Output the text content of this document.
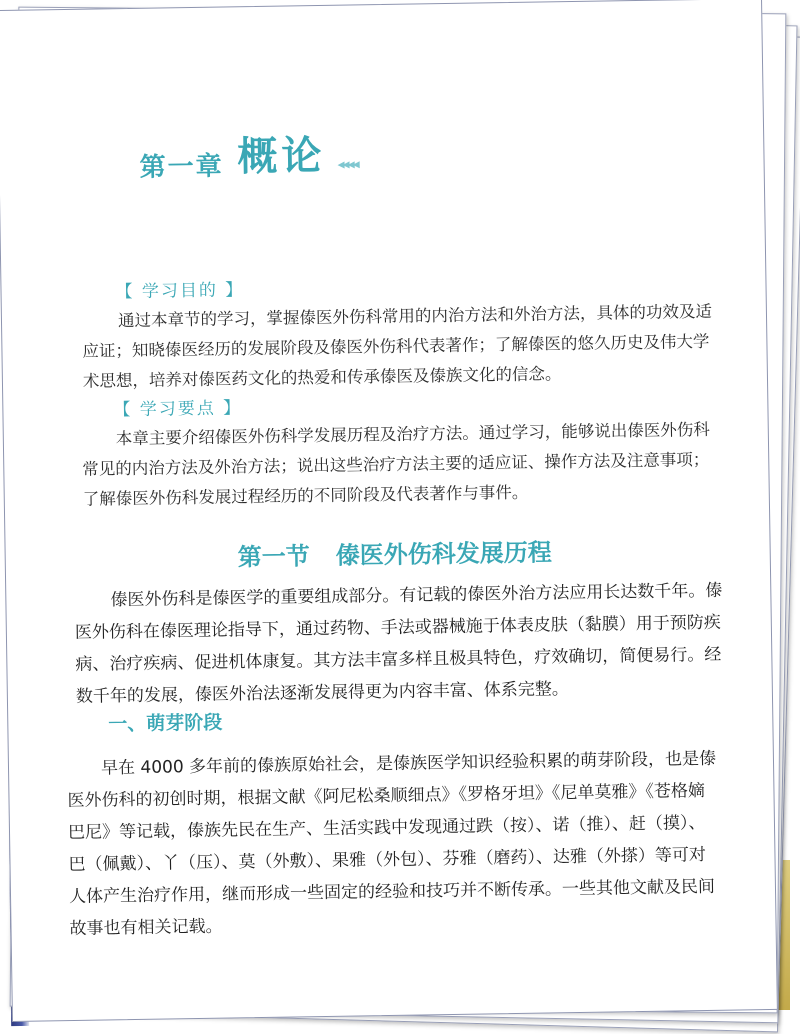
第一章 概论 ◂◂◂◂
【 学习目的 】
通过本章节的学习，掌握傣医外伤科常用的内治方法和外治方法，具体的功效及适
应证；知晓傣医经历的发展阶段及傣医外伤科代表著作；了解傣医的悠久历史及伟大学
术思想，培养对傣医药文化的热爱和传承傣医及傣族文化的信念。
【 学习要点 】
本章主要介绍傣医外伤科学发展历程及治疗方法。通过学习，能够说出傣医外伤科
常见的内治方法及外治方法；说出这些治疗方法主要的适应证、操作方法及注意事项；
了解傣医外伤科发展过程经历的不同阶段及代表著作与事件。
第一节 傣医外伤科发展历程
傣医外伤科是傣医学的重要组成部分。有记载的傣医外治方法应用长达数千年。傣
医外伤科在傣医理论指导下，通过药物、手法或器械施于体表皮肤（黏膜）用于预防疾
病、治疗疾病、促进机体康复。其方法丰富多样且极具特色，疗效确切，简便易行。经
数千年的发展，傣医外治法逐渐发展得更为内容丰富、体系完整。
一、萌芽阶段
早在 4000 多年前的傣族原始社会，是傣族医学知识经验积累的萌芽阶段，也是傣
医外伤科的初创时期，根据文献《阿尼松桑顺细点》《罗格牙坦》《尼单莫雅》《苍格嫡
巴尼》等记载，傣族先民在生产、生活实践中发现通过跌（按）、诺（推）、赶（摸）、
巴（佩戴）、丫（压）、莫（外敷）、果雅（外包）、芬雅（磨药）、达雅（外搽）等可对
人体产生治疗作用，继而形成一些固定的经验和技巧并不断传承。一些其他文献及民间
故事也有相关记载。
